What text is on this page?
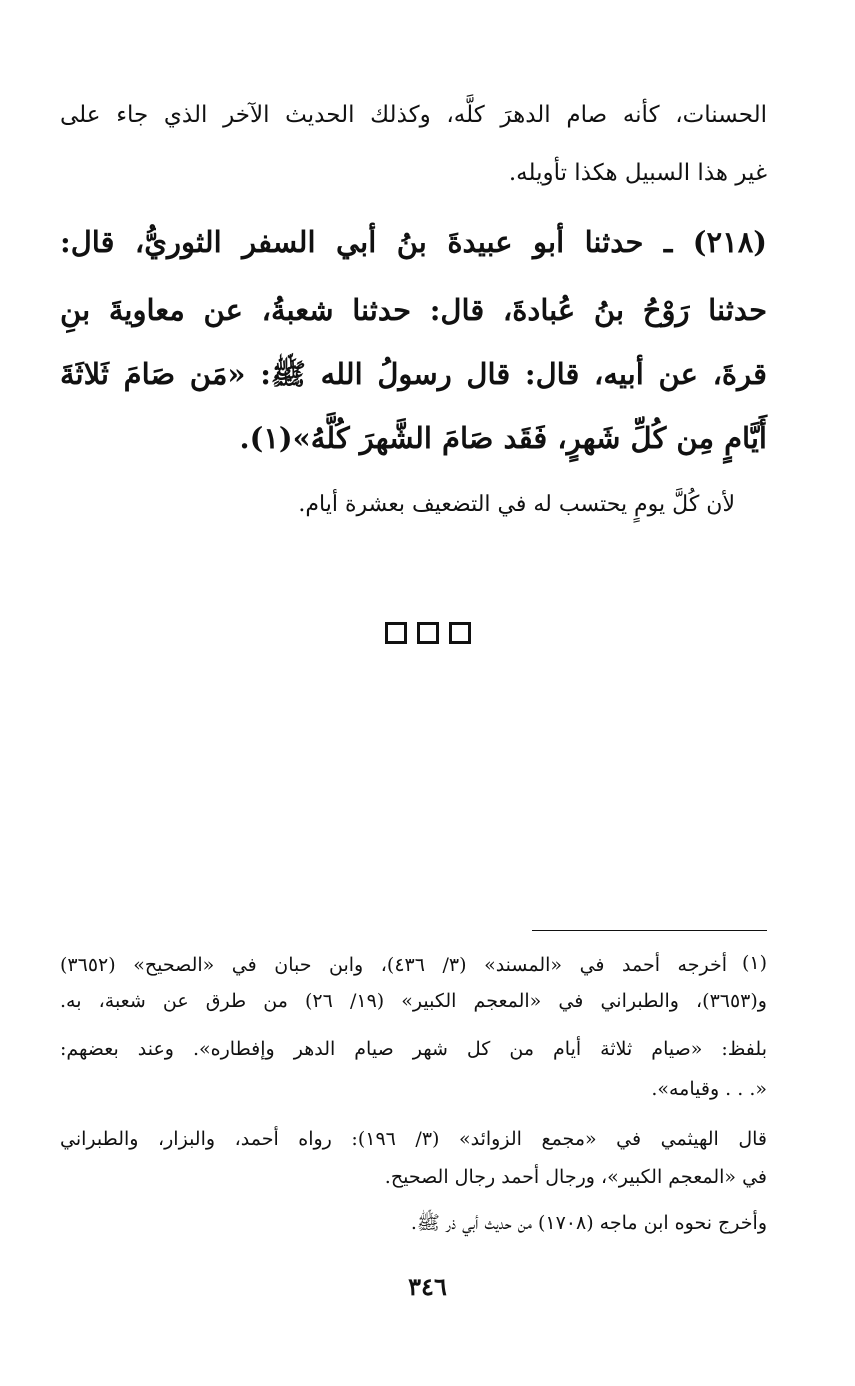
الحسنات، كأنه صام الدهرَ كلَّه، وكذلك الحديث الآخر الذي جاء على
غير هذا السبيل هكذا تأويله.
(٢١٨) ـ حدثنا أبو عبيدةَ بنُ أبي السفر الثوريُّ، قال:
حدثنا رَوْحُ بنُ عُبادةَ، قال: حدثنا شعبةُ، عن معاويةَ بنِ
قرةَ، عن أبيه، قال: قال رسولُ الله ﷺ: «مَن صَامَ ثَلاثَةَ
أَيَّامٍ مِن كُلِّ شَهرٍ، فَقَد صَامَ الشَّهرَ كُلَّهُ»(١).
لأن كُلَّ يومٍ يحتسب له في التضعيف بعشرة أيام.
(١)
أخرجه أحمد في «المسند» (٣/ ٤٣٦)، وابن حبان في «الصحيح» (٣٦٥٢)
و(٣٦٥٣)، والطبراني في «المعجم الكبير» (١٩/ ٢٦) من طرق عن شعبة، به.
بلفظ: «صيام ثلاثة أيام من كل شهر صيام الدهر وإفطاره». وعند بعضهم:
«. . . وقيامه».
قال الهيثمي في «مجمع الزوائد» (٣/ ١٩٦): رواه أحمد، والبزار، والطبراني
في «المعجم الكبير»، ورجال أحمد رجال الصحيح.
وأخرج نحوه ابن ماجه (١٧٠٨) من حديث أبي ذر ﷺ.
٣٤٦
